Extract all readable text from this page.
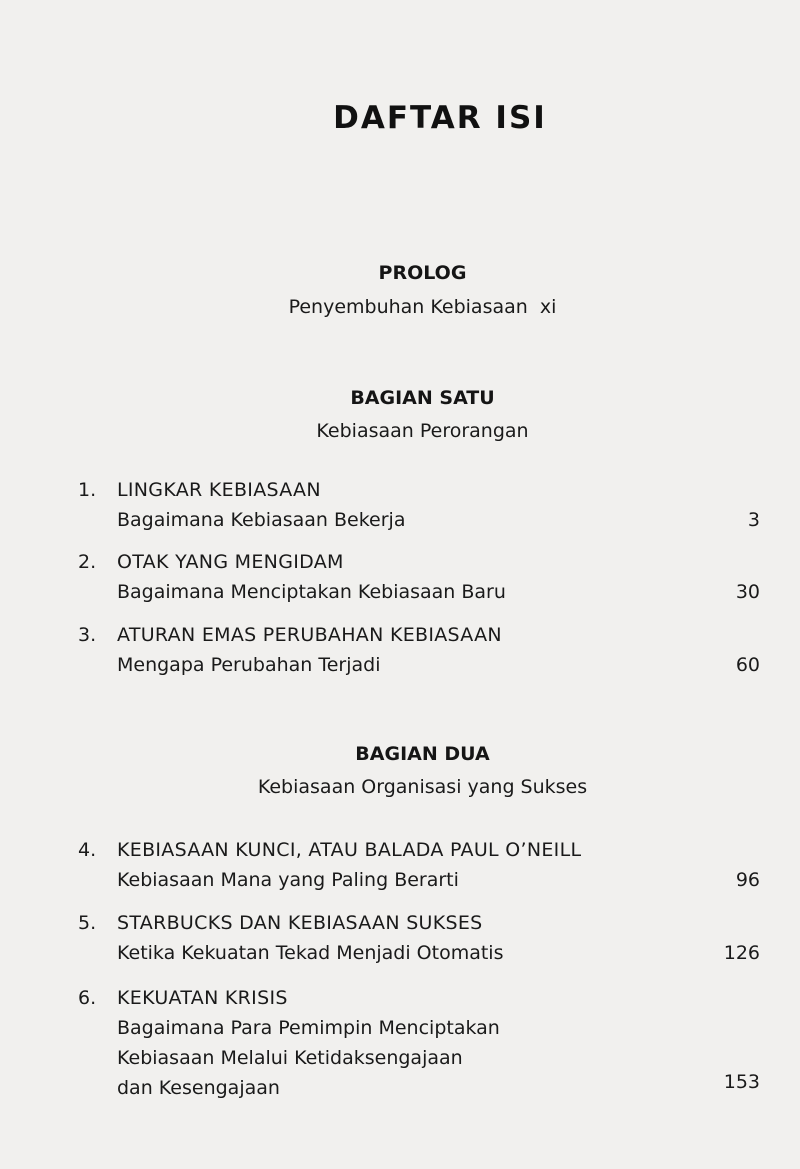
DAFTAR ISI
PROLOG
Penyembuhan Kebiasaan xi
BAGIAN SATU
Kebiasaan Perorangan
1.	LINGKAR KEBIASAAN
Bagaimana Kebiasaan Bekerja	3
2.	OTAK YANG MENGIDAM
Bagaimana Menciptakan Kebiasaan Baru	30
3.	ATURAN EMAS PERUBAHAN KEBIASAAN
Mengapa Perubahan Terjadi	60
BAGIAN DUA
Kebiasaan Organisasi yang Sukses
4.	KEBIASAAN KUNCI, ATAU BALADA PAUL O’NEILL
Kebiasaan Mana yang Paling Berarti	96
5.	STARBUCKS DAN KEBIASAAN SUKSES
Ketika Kekuatan Tekad Menjadi Otomatis	126
6.	KEKUATAN KRISIS
Bagaimana Para Pemimpin Menciptakan
Kebiasaan Melalui Ketidaksengajaan
dan Kesengajaan	153
